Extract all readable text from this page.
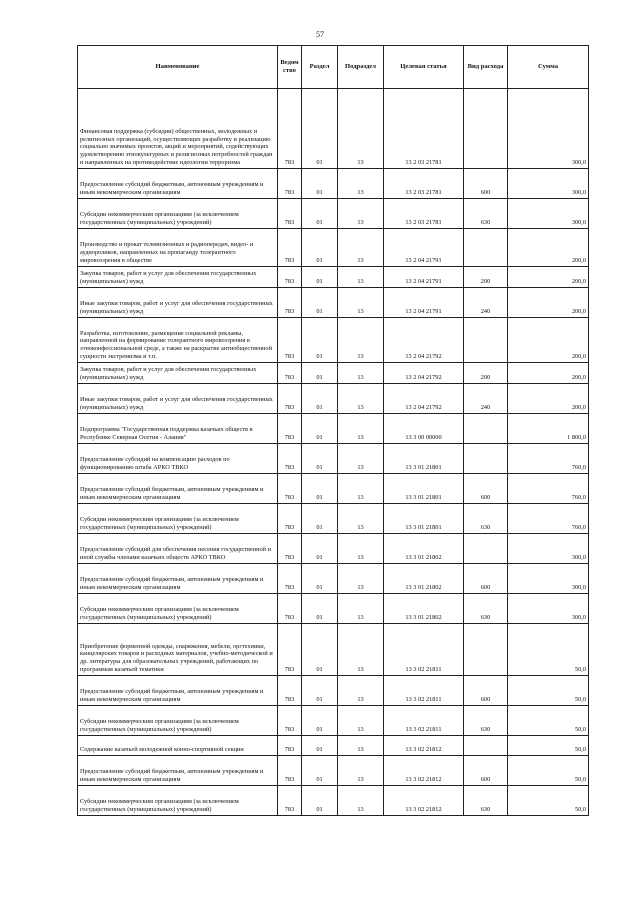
57
Наименование	Ведом ство	Раздел	Подраздел	Целевая статья	Вид расхода	Сумма
Финансовая поддержка (субсидии) общественных, молодежных и религиозных организаций, осуществляющих разработку и реализацию социально значимых проектов, акций и мероприятий, содействующих удовлетворению этнокультурных и религиозных потребностей граждан и направленных на противодействие идеологии терроризма	783	01	13	13 2 03 21781		300,0
Предоставление субсидий бюджетным, автономным учреждениям и иным некоммерческим организациям	783	01	13	13 2 03 21781	600	300,0
Субсидии некоммерческим организациям (за исключением государственных (муниципальных) учреждений)	783	01	13	13 2 03 21781	630	300,0
Производство и прокат телевизионных и радиопередач, видео- и аудиороликов, направленных на пропаганду толерантного мировоззрения в обществе	783	01	13	13 2 04 21791		200,0
Закупка товаров, работ и услуг для обеспечения государственных (муниципальных) нужд	783	01	13	13 2 04 21791	200	200,0
Иные закупки товаров, работ и услуг для обеспечения государственных (муниципальных) нужд	783	01	13	13 2 04 21791	240	200,0
Разработка, изготовление, размещение социальной рекламы, направленной на формирование толерантного мировоззрения в этноконфессиональной среде, а также на раскрытие антиобщественной сущности экстремизма и т.п.	783	01	13	13 2 04 21792		200,0
Закупка товаров, работ и услуг для обеспечения государственных (муниципальных) нужд	783	01	13	13 2 04 21792	200	200,0
Иные закупки товаров, работ и услуг для обеспечения государственных (муниципальных) нужд	783	01	13	13 2 04 21792	240	200,0
Подпрограмма "Государственная поддержка казачьих обществ в Республике Северная Осетия - Алания"	783	01	13	13 3 00 00000		1 800,0
Предоставление субсидий на компенсацию расходов по функционированию штаба АРКО ТВКО	783	01	13	13 3 01 21801		760,0
Предоставление субсидий бюджетным, автономным учреждениям и иным некоммерческим организациям	783	01	13	13 3 01 21801	600	760,0
Субсидии некоммерческим организациям (за исключением государственных (муниципальных) учреждений)	783	01	13	13 3 01 21801	630	760,0
Предоставление субсидий для обеспечения несения государственной и иной службы членами казачьих обществ АРКО ТВКО	783	01	13	13 3 01 21802		300,0
Предоставление субсидий бюджетным, автономным учреждениям и иным некоммерческим организациям	783	01	13	13 3 01 21802	600	300,0
Субсидии некоммерческим организациям (за исключением государственных (муниципальных) учреждений)	783	01	13	13 3 01 21802	630	300,0
Приобретение форменной одежды, снаряжения, мебели, оргтехники, канцелярских товаров и расходных материалов, учебно-методической и др. литературы для образовательных учреждений, работающих по программам казачьей тематики	783	01	13	13 3 02 21811		50,0
Предоставление субсидий бюджетным, автономным учреждениям и иным некоммерческим организациям	783	01	13	13 3 02 21811	600	50,0
Субсидии некоммерческим организациям (за исключением государственных (муниципальных) учреждений)	783	01	13	13 3 02 21811	630	50,0
Содержание казачьей молодежной конно-спортивной секции	783	01	13	13 3 02 21812		50,0
Предоставление субсидий бюджетным, автономным учреждениям и иным некоммерческим организациям	783	01	13	13 3 02 21812	600	50,0
Субсидии некоммерческим организациям (за исключением государственных (муниципальных) учреждений)	783	01	13	13 3 02 21812	630	50,0
